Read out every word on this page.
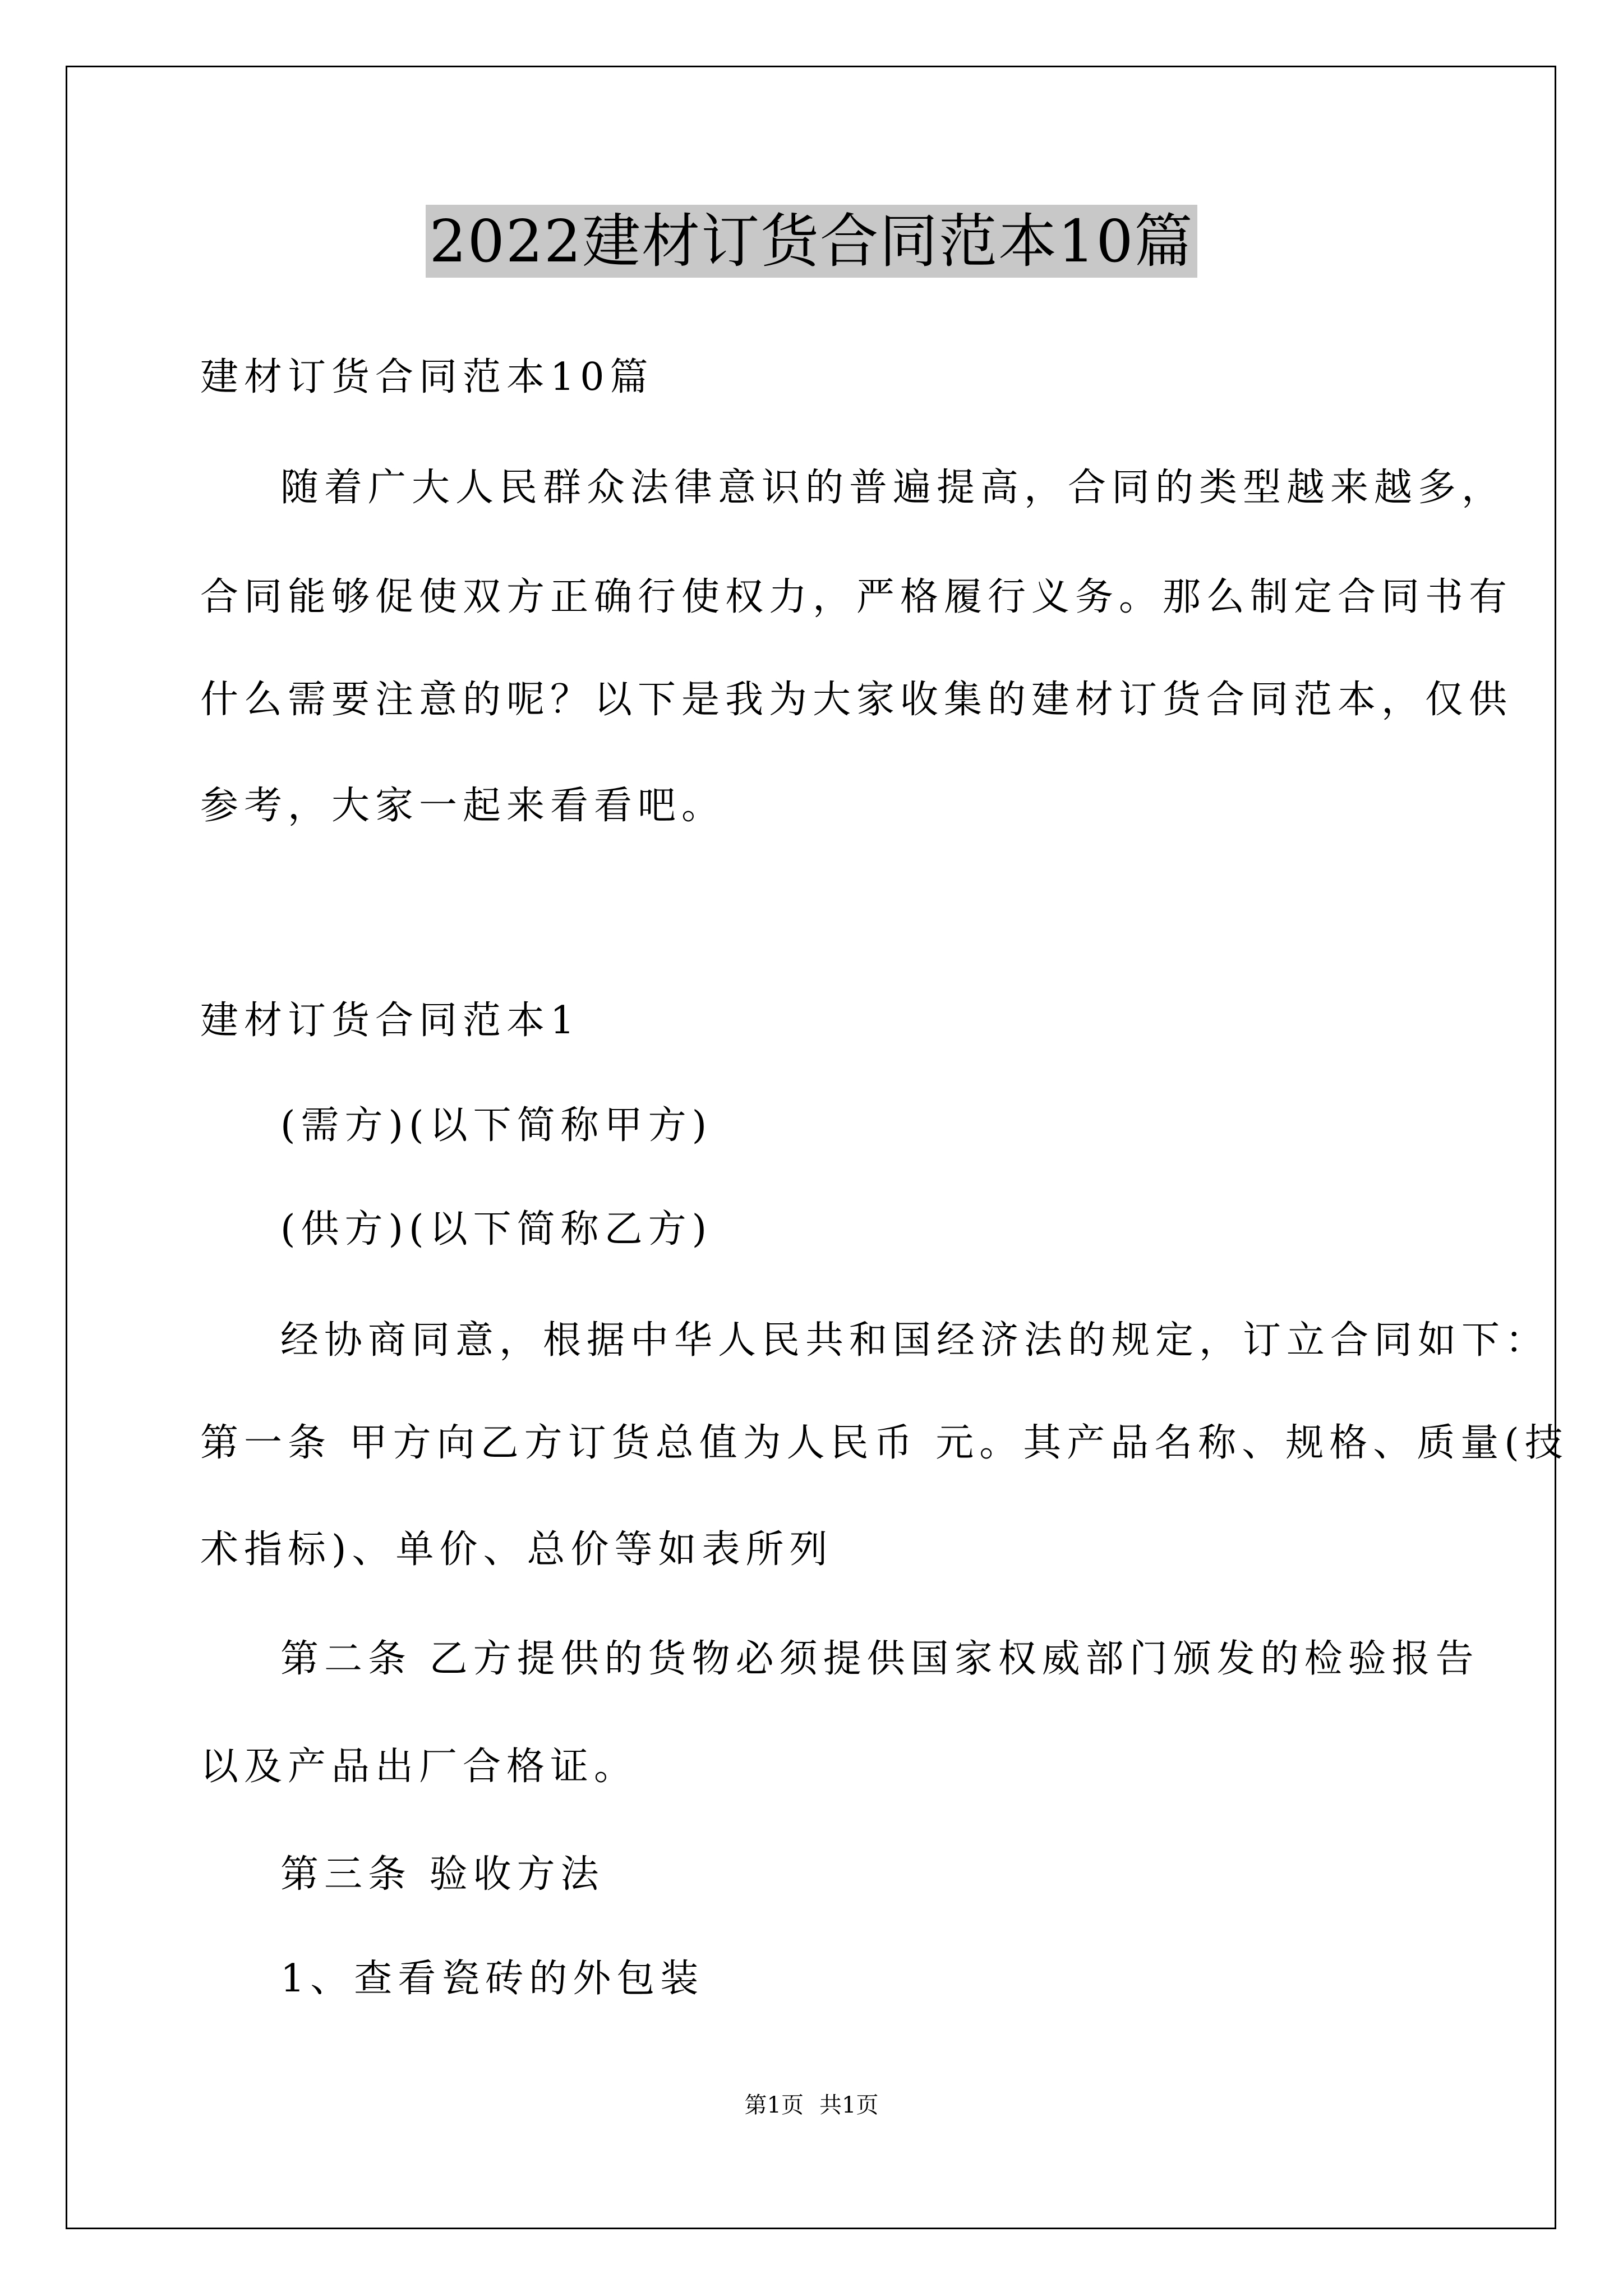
2022建材订货合同范本10篇
建材订货合同范本10篇
随着广大人民群众法律意识的普遍提高，合同的类型越来越多，
合同能够促使双方正确行使权力，严格履行义务。那么制定合同书有
什么需要注意的呢？以下是我为大家收集的建材订货合同范本，仅供
参考，大家一起来看看吧。
建材订货合同范本1
(需方)(以下简称甲方)
(供方)(以下简称乙方)
经协商同意，根据中华人民共和国经济法的规定，订立合同如下：
第一条 甲方向乙方订货总值为人民币 元。其产品名称、规格、质量(技
术指标)、单价、总价等如表所列
第二条 乙方提供的货物必须提供国家权威部门颁发的检验报告
以及产品出厂合格证。
第三条 验收方法
1、查看瓷砖的外包装
第1页 共1页
